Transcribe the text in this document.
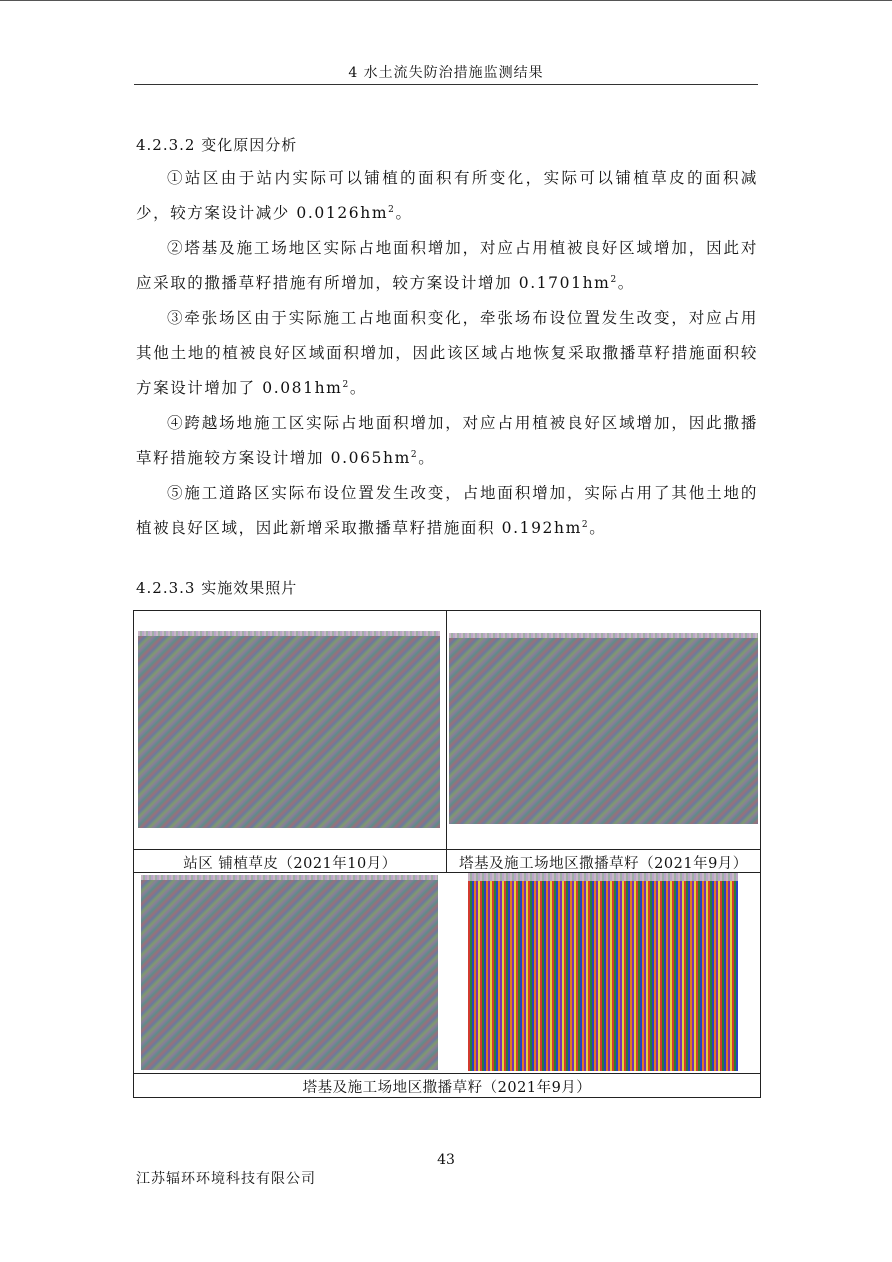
4 水土流失防治措施监测结果
4.2.3.2 变化原因分析

①站区由于站内实际可以铺植的面积有所变化，实际可以铺植草皮的面积减少，较方案设计减少 $0.0126hm^2$。

②塔基及施工场地区实际占地面积增加，对应占用植被良好区域增加，因此对应采取的撒播草籽措施有所增加，较方案设计增加 $0.1701hm^2$。

③牵张场区由于实际施工占地面积变化，牵张场布设位置发生改变，对应占用其他土地的植被良好区域面积增加，因此该区域占地恢复采取撒播草籽措施面积较方案设计增加了 $0.081hm^2$。

④跨越场地施工区实际占地面积增加，对应占用植被良好区域增加，因此撒播草籽措施较方案设计增加 $0.065hm^2$。

⑤施工道路区实际布设位置发生改变，占地面积增加，实际占用了其他土地的植被良好区域，因此新增采取撒播草籽措施面积 $0.192hm^2$。

4.2.3.3 实施效果照片
站区 铺植草皮（2021年10月）	塔基及施工场地区撒播草籽（2021年9月）
塔基及施工场地区撒播草籽（2021年9月）
43
江苏辐环环境科技有限公司
